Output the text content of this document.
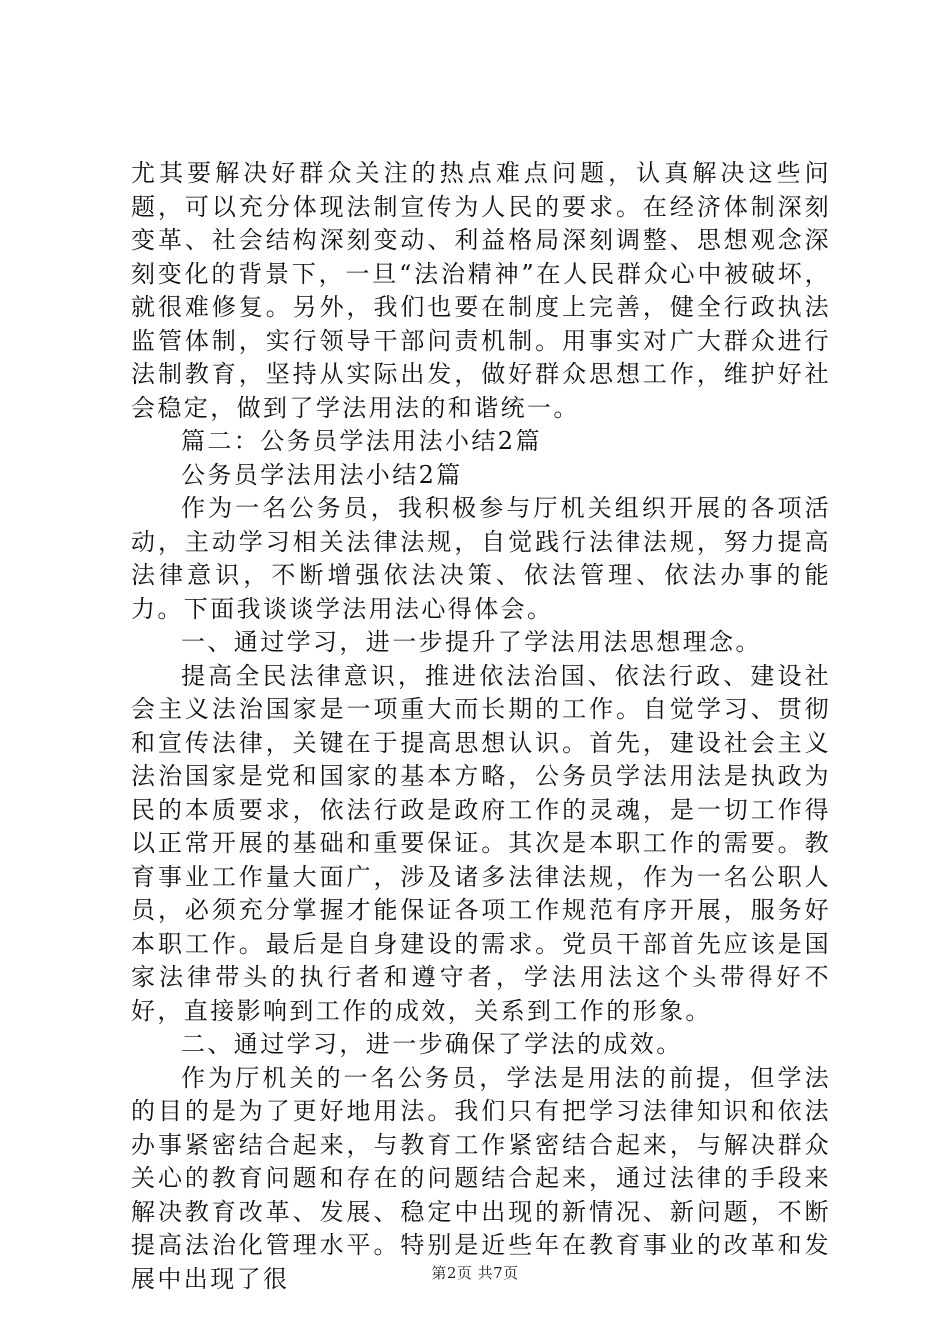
尤其要解决好群众关注的热点难点问题，认真解决这些问题，可以充分体现法制宣传为人民的要求。在经济体制深刻变革、社会结构深刻变动、利益格局深刻调整、思想观念深刻变化的背景下，一旦“法治精神”在人民群众心中被破坏，就很难修复。另外，我们也要在制度上完善，健全行政执法监管体制，实行领导干部问责机制。用事实对广大群众进行法制教育，坚持从实际出发，做好群众思想工作，维护好社会稳定，做到了学法用法的和谐统一。

篇二：公务员学法用法小结2篇

公务员学法用法小结2篇

作为一名公务员，我积极参与厅机关组织开展的各项活动，主动学习相关法律法规，自觉践行法律法规，努力提高法律意识，不断增强依法决策、依法管理、依法办事的能力。下面我谈谈学法用法心得体会。

一、通过学习，进一步提升了学法用法思想理念。

提高全民法律意识，推进依法治国、依法行政、建设社会主义法治国家是一项重大而长期的工作。自觉学习、贯彻和宣传法律，关键在于提高思想认识。首先，建设社会主义法治国家是党和国家的基本方略，公务员学法用法是执政为民的本质要求，依法行政是政府工作的灵魂，是一切工作得以正常开展的基础和重要保证。其次是本职工作的需要。教育事业工作量大面广，涉及诸多法律法规，作为一名公职人员，必须充分掌握才能保证各项工作规范有序开展，服务好本职工作。最后是自身建设的需求。党员干部首先应该是国家法律带头的执行者和遵守者，学法用法这个头带得好不好，直接影响到工作的成效，关系到工作的形象。

二、通过学习，进一步确保了学法的成效。

作为厅机关的一名公务员，学法是用法的前提，但学法的目的是为了更好地用法。我们只有把学习法律知识和依法办事紧密结合起来，与教育工作紧密结合起来，与解决群众关心的教育问题和存在的问题结合起来，通过法律的手段来解决教育改革、发展、稳定中出现的新情况、新问题，不断提高法治化管理水平。特别是近些年在教育事业的改革和发展中出现了很	第2页 共7页
